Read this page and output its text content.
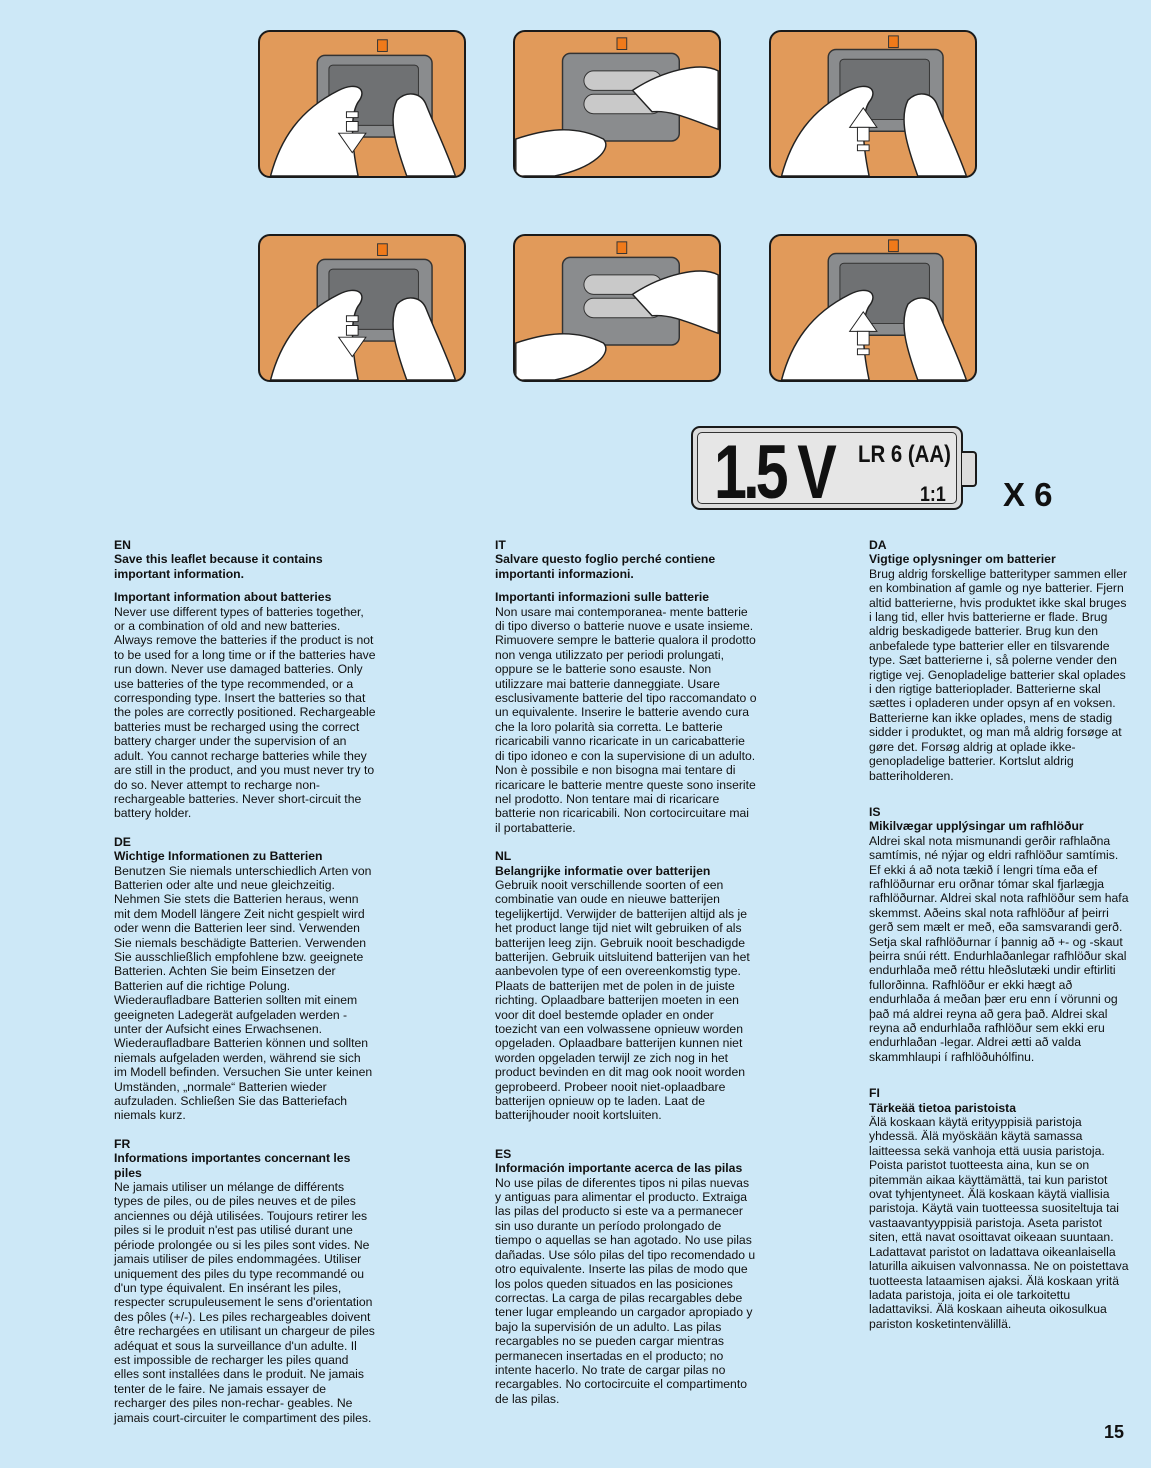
1.5 V LR 6 (AA)
1:1 X 6
EN
Save this leaflet because it contains important information.
Important information about batteries
Never use different types of batteries together, or a combination of old and new batteries. Always remove the batteries if the product is not to be used for a long time or if the batteries have run down. Never use damaged batteries. Only use batteries of the type recommended, or a corresponding type. Insert the batteries so that the poles are correctly positioned. Rechargeable batteries must be recharged using the correct battery charger under the supervision of an adult. You cannot recharge batteries while they are still in the product, and you must never try to do so. Never attempt to recharge non-rechargeable batteries. Never short-circuit the battery holder.
DE
Wichtige Informationen zu Batterien
Benutzen Sie niemals unterschiedlich Arten von Batterien oder alte und neue gleichzeitig. Nehmen Sie stets die Batterien heraus, wenn mit dem Modell längere Zeit nicht gespielt wird oder wenn die Batterien leer sind. Verwenden Sie niemals beschädigte Batterien. Verwenden Sie ausschließlich empfohlene bzw. geeignete Batterien. Achten Sie beim Einsetzen der Batterien auf die richtige Polung. Wiederaufladbare Batterien sollten mit einem geeigneten Ladegerät aufgeladen werden - unter der Aufsicht eines Erwachsenen. Wiederaufladbare Batterien können und sollten niemals aufgeladen werden, während sie sich im Modell befinden. Versuchen Sie unter keinen Umständen, „normale“ Batterien wieder aufzuladen. Schließen Sie das Batteriefach niemals kurz.
FR
Informations importantes concernant les piles
Ne jamais utiliser un mélange de différents types de piles, ou de piles neuves et de piles anciennes ou déjà utilisées. Toujours retirer les piles si le produit n'est pas utilisé durant une période prolongée ou si les piles sont vides. Ne jamais utiliser de piles endommagées. Utiliser uniquement des piles du type recommandé ou d'un type équivalent. En insérant les piles, respecter scrupuleusement le sens d'orientation des pôles (+/-). Les piles rechargeables doivent être rechargées en utilisant un chargeur de piles adéquat et sous la surveillance d'un adulte. Il est impossible de recharger les piles quand elles sont installées dans le produit. Ne jamais tenter de le faire. Ne jamais essayer de recharger des piles non-rechar- geables. Ne jamais court-circuiter le compartiment des piles.
IT
Salvare questo foglio perché contiene importanti informazioni.
Importanti informazioni sulle batterie
Non usare mai contemporanea- mente batterie di tipo diverso o batterie nuove e usate insieme. Rimuovere sempre le batterie qualora il prodotto non venga utilizzato per periodi prolungati, oppure se le batterie sono esauste. Non utilizzare mai batterie danneggiate. Usare esclusivamente batterie del tipo raccomandato o un equivalente. Inserire le batterie avendo cura che la loro polarità sia corretta. Le batterie ricaricabili vanno ricaricate in un caricabatterie di tipo idoneo e con la supervisione di un adulto. Non è possibile e non bisogna mai tentare di ricaricare le batterie mentre queste sono inserite nel prodotto. Non tentare mai di ricaricare batterie non ricaricabili. Non cortocircuitare mai il portabatterie.
NL
Belangrijke informatie over batterijen
Gebruik nooit verschillende soorten of een combinatie van oude en nieuwe batterijen tegelijkertijd. Verwijder de batterijen altijd als je het product lange tijd niet wilt gebruiken of als batterijen leeg zijn. Gebruik nooit beschadigde batterijen. Gebruik uitsluitend batterijen van het aanbevolen type of een overeenkomstig type. Plaats de batterijen met de polen in de juiste richting. Oplaadbare batterijen moeten in een voor dit doel bestemde oplader en onder toezicht van een volwassene opnieuw worden opgeladen. Oplaadbare batterijen kunnen niet worden opgeladen terwijl ze zich nog in het product bevinden en dit mag ook nooit worden geprobeerd. Probeer nooit niet-oplaadbare batterijen opnieuw op te laden. Laat de batterijhouder nooit kortsluiten.
ES
Información importante acerca de las pilas
No use pilas de diferentes tipos ni pilas nuevas y antiguas para alimentar el producto. Extraiga las pilas del producto si este va a permanecer sin uso durante un período prolongado de tiempo o aquellas se han agotado. No use pilas dañadas. Use sólo pilas del tipo recomendado u otro equivalente. Inserte las pilas de modo que los polos queden situados en las posiciones correctas. La carga de pilas recargables debe tener lugar empleando un cargador apropiado y bajo la supervisión de un adulto. Las pilas recargables no se pueden cargar mientras permanecen insertadas en el producto; no intente hacerlo. No trate de cargar pilas no recargables. No cortocircuite el compartimento de las pilas.
DA
Vigtige oplysninger om batterier
Brug aldrig forskellige batterityper sammen eller en kombination af gamle og nye batterier. Fjern altid batterierne, hvis produktet ikke skal bruges i lang tid, eller hvis batterierne er flade. Brug aldrig beskadigede batterier. Brug kun den anbefalede type batterier eller en tilsvarende type. Sæt batterierne i, så polerne vender den rigtige vej. Genopladelige batterier skal oplades i den rigtige batterioplader. Batterierne skal sættes i opladeren under opsyn af en voksen. Batterierne kan ikke oplades, mens de stadig sidder i produktet, og man må aldrig forsøge at gøre det. Forsøg aldrig at oplade ikke-genopladelige batterier. Kortslut aldrig batteriholderen.
IS
Mikilvægar upplýsingar um rafhlöður
Aldrei skal nota mismunandi gerðir rafhlaðna samtímis, né nýjar og eldri rafhlöður samtímis. Ef ekki á að nota tækið í lengri tíma eða ef rafhlöðurnar eru orðnar tómar skal fjarlægja rafhlöðurnar. Aldrei skal nota rafhlöður sem hafa skemmst. Aðeins skal nota rafhlöður af þeirri gerð sem mælt er með, eða samsvarandi gerð. Setja skal rafhlöðurnar í þannig að +- og -skaut þeirra snúi rétt. Endurhlaðanlegar rafhlöður skal endurhlaða með réttu hleðslutæki undir eftirliti fullorðinna. Rafhlöður er ekki hægt að endurhlaða á meðan þær eru enn í vörunni og það má aldrei reyna að gera það. Aldrei skal reyna að endurhlaða rafhlöður sem ekki eru endurhlaðan -legar. Aldrei ætti að valda skammhlaupi í rafhlöðuhólfinu.
FI
Tärkeää tietoa paristoista
Älä koskaan käytä erityyppisiä paristoja yhdessä. Älä myöskään käytä samassa laitteessa sekä vanhoja että uusia paristoja. Poista paristot tuotteesta aina, kun se on pitemmän aikaa käyttämättä, tai kun paristot ovat tyhjentyneet. Älä koskaan käytä viallisia paristoja. Käytä vain tuotteessa suositeltuja tai vastaavantyyppisiä paristoja. Aseta paristot siten, että navat osoittavat oikeaan suuntaan. Ladattavat paristot on ladattava oikeanlaisella laturilla aikuisen valvonnassa. Ne on poistettava tuotteesta lataamisen ajaksi. Älä koskaan yritä ladata paristoja, joita ei ole tarkoitettu ladattaviksi. Älä koskaan aiheuta oikosulkua pariston kosketintenvälillä.
15
